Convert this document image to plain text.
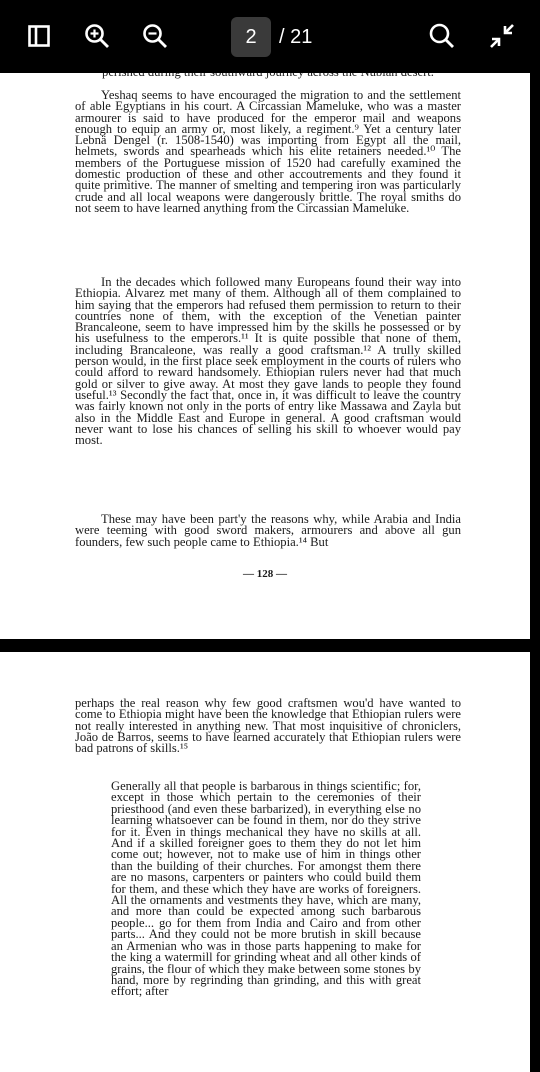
2	/ 21

Yeshaq seems to have encouraged the migration to and the settlement of able Egyptians in his court. A Circassian Mameluke, who was a master armourer is said to have produced for the emperor mail and weapons enough to equip an army or, most likely, a regiment.⁹ Yet a century later Lebnä Dengel (r. 1508-1540) was importing from Egypt all the mail, helmets, swords and spearheads which his elite retainers needed.¹⁰ The members of the Portuguese mission of 1520 had carefully examined the domestic production of these and other accoutrements and they found it quite primitive. The manner of smelting and tempering iron was particularly crude and all local weapons were dangerously brittle. The royal smiths do not seem to have learned anything from the Circassian Mameluke.

In the decades which followed many Europeans found their way into Ethiopia. Alvarez met many of them. Although all of them complained to him saying that the emperors had refused them permission to return to their countries none of them, with the exception of the Venetian painter Brancaleone, seem to have impressed him by the skills he possessed or by his usefulness to the emperors.¹¹ It is quite possible that none of them, including Brancaleone, was really a good craftsman.¹² A trully skilled person would, in the first place seek employment in the courts of rulers who could afford to reward handsomely. Ethiopian rulers never had that much gold or silver to give away. At most they gave lands to people they found useful.¹³ Secondly the fact that, once in, it was difficult to leave the country was fairly known not only in the ports of entry like Massawa and Zayla but also in the Middle East and Europe in general. A good craftsman would never want to lose his chances of selling his skill to whoever would pay most.

These may have been part'y the reasons why, while Arabia and India were teeming with good sword makers, armourers and above all gun founders, few such people came to Ethiopia.¹⁴ But

— 128 —

perhaps the real reason why few good craftsmen wou'd have wanted to come to Ethiopia might have been the knowledge that Ethiopian rulers were not really interested in anything new. That most inquisitive of chroniclers, João de Barros, seems to have learned accurately that Ethiopian rulers were bad patrons of skills.¹⁵

Generally all that people is barbarous in things scientific; for, except in those which pertain to the ceremonies of their priesthood (and even these barbarized), in everything else no learning whatsoever can be found in them, nor do they strive for it. Even in things mechanical they have no skills at all. And if a skilled foreigner goes to them they do not let him come out; however, not to make use of him in things other than the building of their churches. For amongst them there are no masons, carpenters or painters who could build them for them, and these which they have are works of foreigners. All the ornaments and vestments they have, which are many, and more than could be expected among such barbarous people... go for them from India and Cairo and from other parts... And they could not be more brutish in skill because an Armenian who was in those parts happening to make for the king a watermill for grinding wheat and all other kinds of grains, the flour of which they make between some stones by hand, more by regrinding than grinding, and this with great effort; after
